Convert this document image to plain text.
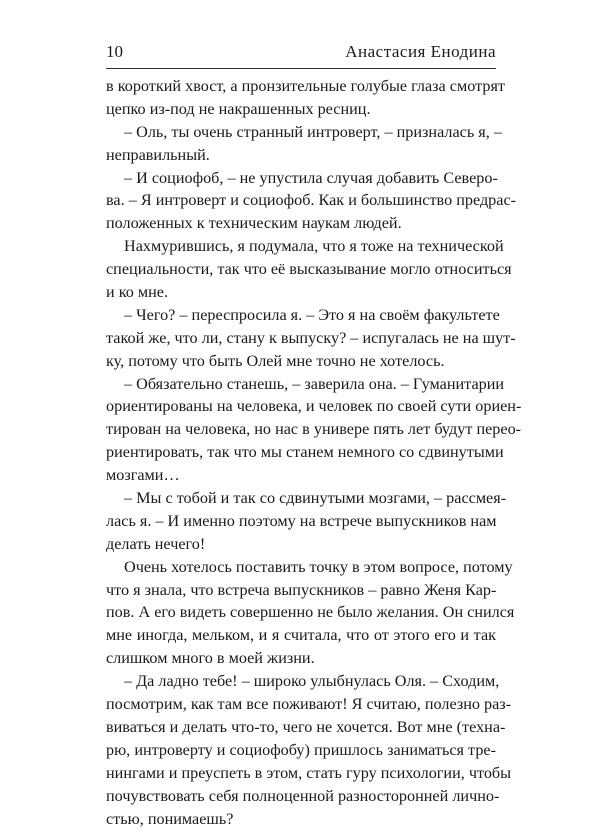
10	Анастасия Енодина
в короткий хвост, а пронзительные голубые глаза смотрят
цепко из-под не накрашенных ресниц.
– Оль, ты очень странный интроверт, – призналась я, –
неправильный.
– И социофоб, – не упустила случая добавить Северо-
ва. – Я интроверт и социофоб. Как и большинство предрас-
положенных к техническим наукам людей.
Нахмурившись, я подумала, что я тоже на технической
специальности, так что её высказывание могло относиться
и ко мне.
– Чего? – переспросила я. – Это я на своём факультете
такой же, что ли, стану к выпуску? – испугалась не на шут-
ку, потому что быть Олей мне точно не хотелось.
– Обязательно станешь, – заверила она. – Гуманитарии
ориентированы на человека, и человек по своей сути ориен-
тирован на человека, но нас в универе пять лет будут перео-
риентировать, так что мы станем немного со сдвинутыми
мозгами…
– Мы с тобой и так со сдвинутыми мозгами, – рассмея-
лась я. – И именно поэтому на встрече выпускников нам
делать нечего!
Очень хотелось поставить точку в этом вопросе, потому
что я знала, что встреча выпускников – равно Женя Кар-
пов. А его видеть совершенно не было желания. Он снился
мне иногда, мельком, и я считала, что от этого его и так
слишком много в моей жизни.
– Да ладно тебе! – широко улыбнулась Оля. – Сходим,
посмотрим, как там все поживают! Я считаю, полезно раз-
виваться и делать что-то, чего не хочется. Вот мне (техна-
рю, интроверту и социофобу) пришлось заниматься тре-
нингами и преуспеть в этом, стать гуру психологии, чтобы
почувствовать себя полноценной разносторонней лично-
стью, понимаешь?
